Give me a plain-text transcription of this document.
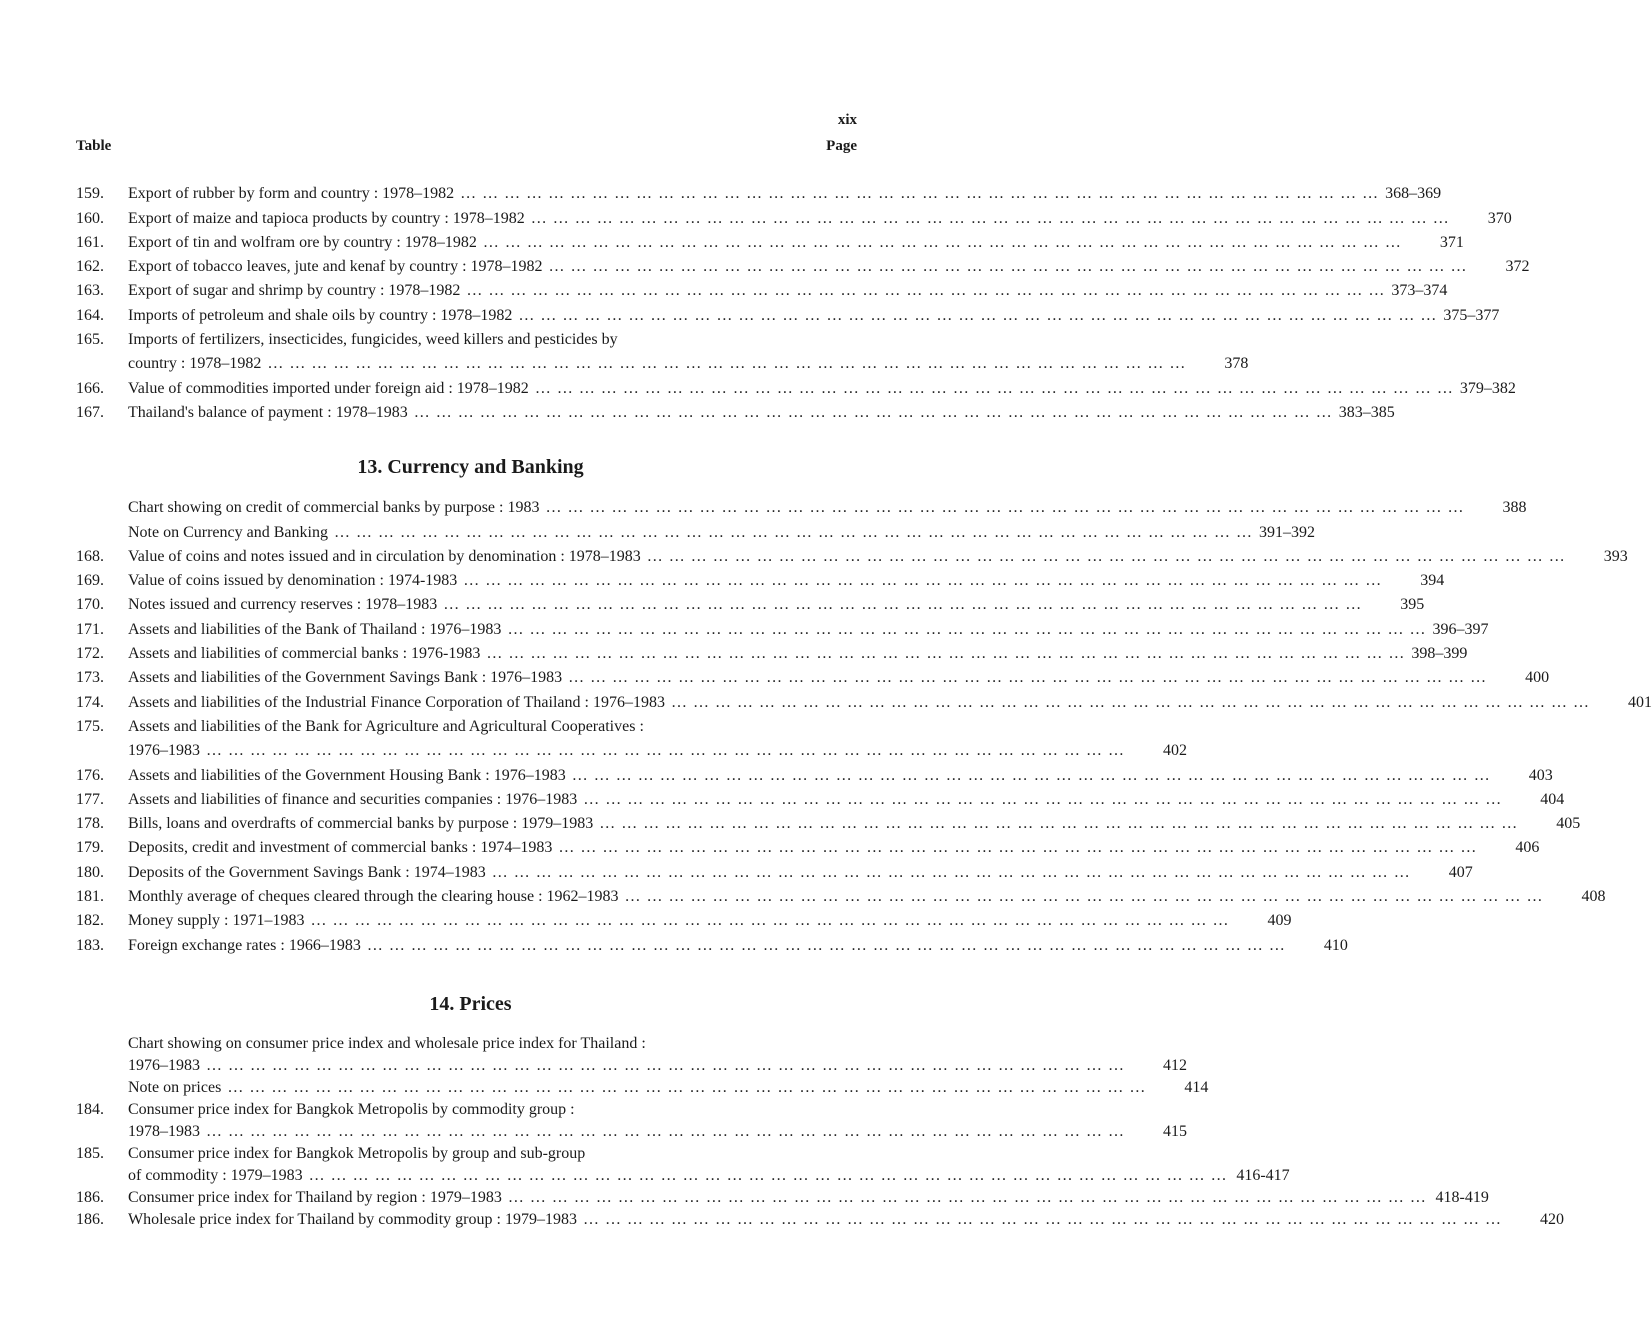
xix
Table	Page
159.	Export of rubber by form and country : 1978–1982 … … … … … … … … … … … … … … … … … … … … … … … … … … … … … … … … … … … … … … … … … … 368–369
160.	Export of maize and tapioca products by country : 1978–1982 … … … … … … … … … … … … … … … … … … … … … … … … … … … … … … … … … … … … … … … … … …	370
161.	Export of tin and wolfram ore by country : 1978–1982 … … … … … … … … … … … … … … … … … … … … … … … … … … … … … … … … … … … … … … … … … …	371
162.	Export of tobacco leaves, jute and kenaf by country : 1978–1982 … … … … … … … … … … … … … … … … … … … … … … … … … … … … … … … … … … … … … … … … … …	372
163.	Export of sugar and shrimp by country : 1978–1982 … … … … … … … … … … … … … … … … … … … … … … … … … … … … … … … … … … … … … … … … … … 373–374
164.	Imports of petroleum and shale oils by country : 1978–1982 … … … … … … … … … … … … … … … … … … … … … … … … … … … … … … … … … … … … … … … … … … 375–377
165.	Imports of fertilizers, insecticides, fungicides, weed killers and pesticides by
country : 1978–1982 … … … … … … … … … … … … … … … … … … … … … … … … … … … … … … … … … … … … … … … … … …	378
166.	Value of commodities imported under foreign aid : 1978–1982 … … … … … … … … … … … … … … … … … … … … … … … … … … … … … … … … … … … … … … … … … … 379–382
167.	Thailand's balance of payment : 1978–1983 … … … … … … … … … … … … … … … … … … … … … … … … … … … … … … … … … … … … … … … … … … 383–385
13. Currency and Banking
Chart showing on credit of commercial banks by purpose : 1983 … … … … … … … … … … … … … … … … … … … … … … … … … … … … … … … … … … … … … … … … … …	388
Note on Currency and Banking … … … … … … … … … … … … … … … … … … … … … … … … … … … … … … … … … … … … … … … … … … 391–392
168.	Value of coins and notes issued and in circulation by denomination : 1978–1983 … … … … … … … … … … … … … … … … … … … … … … … … … … … … … … … … … … … … … … … … … …	393
169.	Value of coins issued by denomination : 1974-1983 … … … … … … … … … … … … … … … … … … … … … … … … … … … … … … … … … … … … … … … … … …	394
170.	Notes issued and currency reserves : 1978–1983 … … … … … … … … … … … … … … … … … … … … … … … … … … … … … … … … … … … … … … … … … …	395
171.	Assets and liabilities of the Bank of Thailand : 1976–1983 … … … … … … … … … … … … … … … … … … … … … … … … … … … … … … … … … … … … … … … … … … 396–397
172.	Assets and liabilities of commercial banks : 1976-1983 … … … … … … … … … … … … … … … … … … … … … … … … … … … … … … … … … … … … … … … … … … 398–399
173.	Assets and liabilities of the Government Savings Bank : 1976–1983 … … … … … … … … … … … … … … … … … … … … … … … … … … … … … … … … … … … … … … … … … …	400
174.	Assets and liabilities of the Industrial Finance Corporation of Thailand : 1976–1983 … … … … … … … … … … … … … … … … … … … … … … … … … … … … … … … … … … … … … … … … … …	401
175.	Assets and liabilities of the Bank for Agriculture and Agricultural Cooperatives :
1976–1983 … … … … … … … … … … … … … … … … … … … … … … … … … … … … … … … … … … … … … … … … … …	402
176.	Assets and liabilities of the Government Housing Bank : 1976–1983 … … … … … … … … … … … … … … … … … … … … … … … … … … … … … … … … … … … … … … … … … …	403
177.	Assets and liabilities of finance and securities companies : 1976–1983 … … … … … … … … … … … … … … … … … … … … … … … … … … … … … … … … … … … … … … … … … …	404
178.	Bills, loans and overdrafts of commercial banks by purpose : 1979–1983 … … … … … … … … … … … … … … … … … … … … … … … … … … … … … … … … … … … … … … … … … …	405
179.	Deposits, credit and investment of commercial banks : 1974–1983 … … … … … … … … … … … … … … … … … … … … … … … … … … … … … … … … … … … … … … … … … …	406
180.	Deposits of the Government Savings Bank : 1974–1983 … … … … … … … … … … … … … … … … … … … … … … … … … … … … … … … … … … … … … … … … … …	407
181.	Monthly average of cheques cleared through the clearing house : 1962–1983 … … … … … … … … … … … … … … … … … … … … … … … … … … … … … … … … … … … … … … … … … …	408
182.	Money supply : 1971–1983 … … … … … … … … … … … … … … … … … … … … … … … … … … … … … … … … … … … … … … … … … …	409
183.	Foreign exchange rates : 1966–1983 … … … … … … … … … … … … … … … … … … … … … … … … … … … … … … … … … … … … … … … … … …	410
14. Prices
Chart showing on consumer price index and wholesale price index for Thailand :
1976–1983 … … … … … … … … … … … … … … … … … … … … … … … … … … … … … … … … … … … … … … … … … …	412
Note on prices … … … … … … … … … … … … … … … … … … … … … … … … … … … … … … … … … … … … … … … … … …	414
184.	Consumer price index for Bangkok Metropolis by commodity group :
1978–1983 … … … … … … … … … … … … … … … … … … … … … … … … … … … … … … … … … … … … … … … … … …	415
185.	Consumer price index for Bangkok Metropolis by group and sub-group
of commodity : 1979–1983 … … … … … … … … … … … … … … … … … … … … … … … … … … … … … … … … … … … … … … … … … … 416-417
186.	Consumer price index for Thailand by region : 1979–1983 … … … … … … … … … … … … … … … … … … … … … … … … … … … … … … … … … … … … … … … … … … 418-419
186.	Wholesale price index for Thailand by commodity group : 1979–1983 … … … … … … … … … … … … … … … … … … … … … … … … … … … … … … … … … … … … … … … … … …	420
